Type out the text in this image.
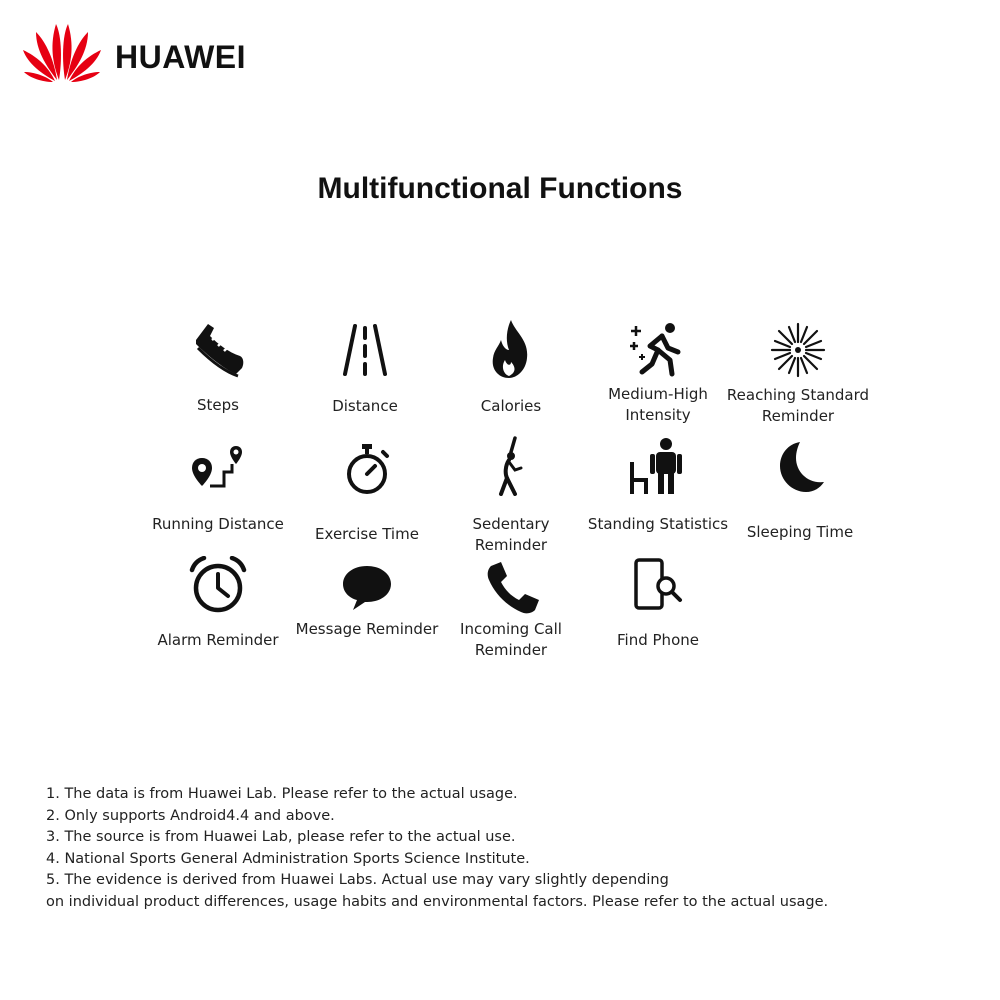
HUAWEI
Multifunctional Functions
Steps	Distance	Calories
Medium-High Intensity
Reaching Standard Reminder
Running Distance
Exercise Time
Sedentary Reminder
Standing Statistics	Sleeping Time
Alarm Reminder
Message Reminder	Incoming Call Reminder
Find Phone
1. The data is from Huawei Lab. Please refer to the actual usage.
2. Only supports Android4.4 and above.
3. The source is from Huawei Lab, please refer to the actual use.
4. National Sports General Administration Sports Science Institute.
5. The evidence is derived from Huawei Labs. Actual use may vary slightly depending
on individual product differences, usage habits and environmental factors. Please refer to the actual usage.
